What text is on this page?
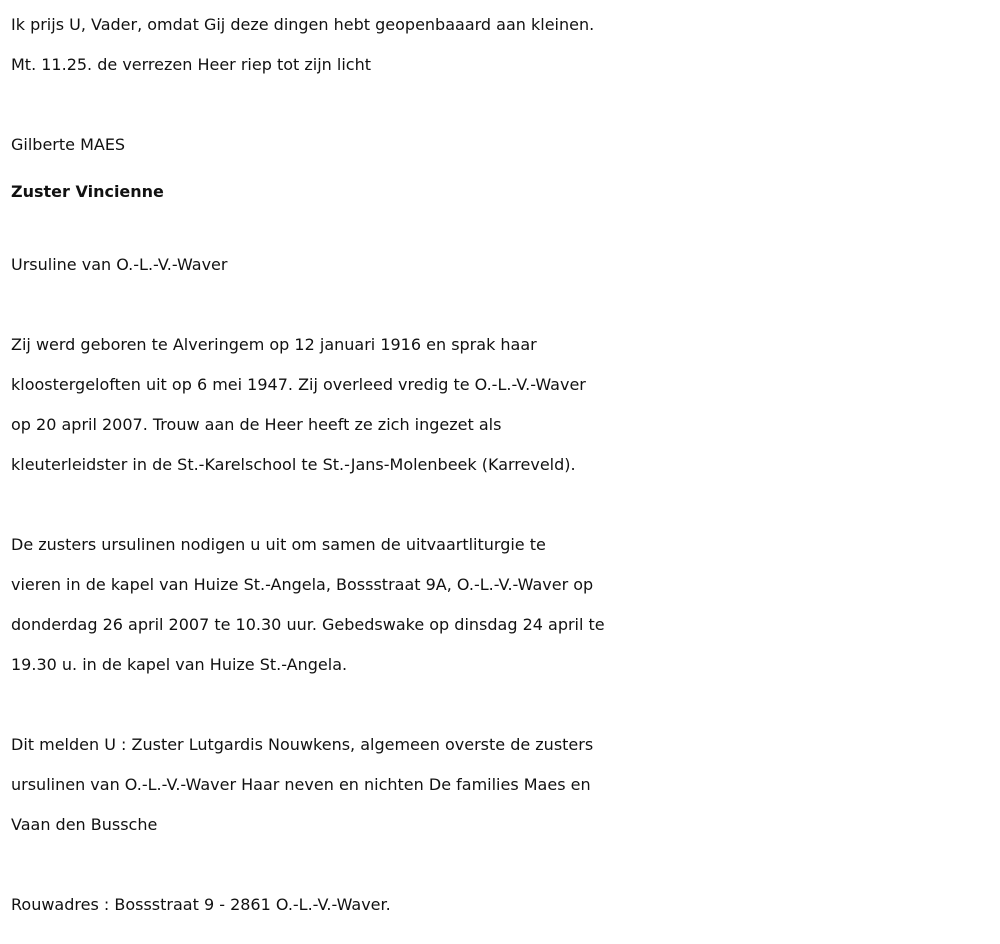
Ik prijs U, Vader, omdat Gij deze dingen hebt geopenbaaard aan kleinen.
Mt. 11.25. de verrezen Heer riep tot zijn licht
Gilberte MAES
Zuster Vincienne
Ursuline van O.-L.-V.-Waver
Zij werd geboren te Alveringem op 12 januari 1916 en sprak haar
kloostergeloften uit op 6 mei 1947. Zij overleed vredig te O.-L.-V.-Waver
op 20 april 2007. Trouw aan de Heer heeft ze zich ingezet als
kleuterleidster in de St.-Karelschool te St.-Jans-Molenbeek (Karreveld).
De zusters ursulinen nodigen u uit om samen de uitvaartliturgie te
vieren in de kapel van Huize St.-Angela, Bossstraat 9A, O.-L.-V.-Waver op
donderdag 26 april 2007 te 10.30 uur. Gebedswake op dinsdag 24 april te
19.30 u. in de kapel van Huize St.-Angela.
Dit melden U : Zuster Lutgardis Nouwkens, algemeen overste de zusters
ursulinen van O.-L.-V.-Waver Haar neven en nichten De families Maes en
Vaan den Bussche
Rouwadres : Bossstraat 9 - 2861 O.-L.-V.-Waver.
